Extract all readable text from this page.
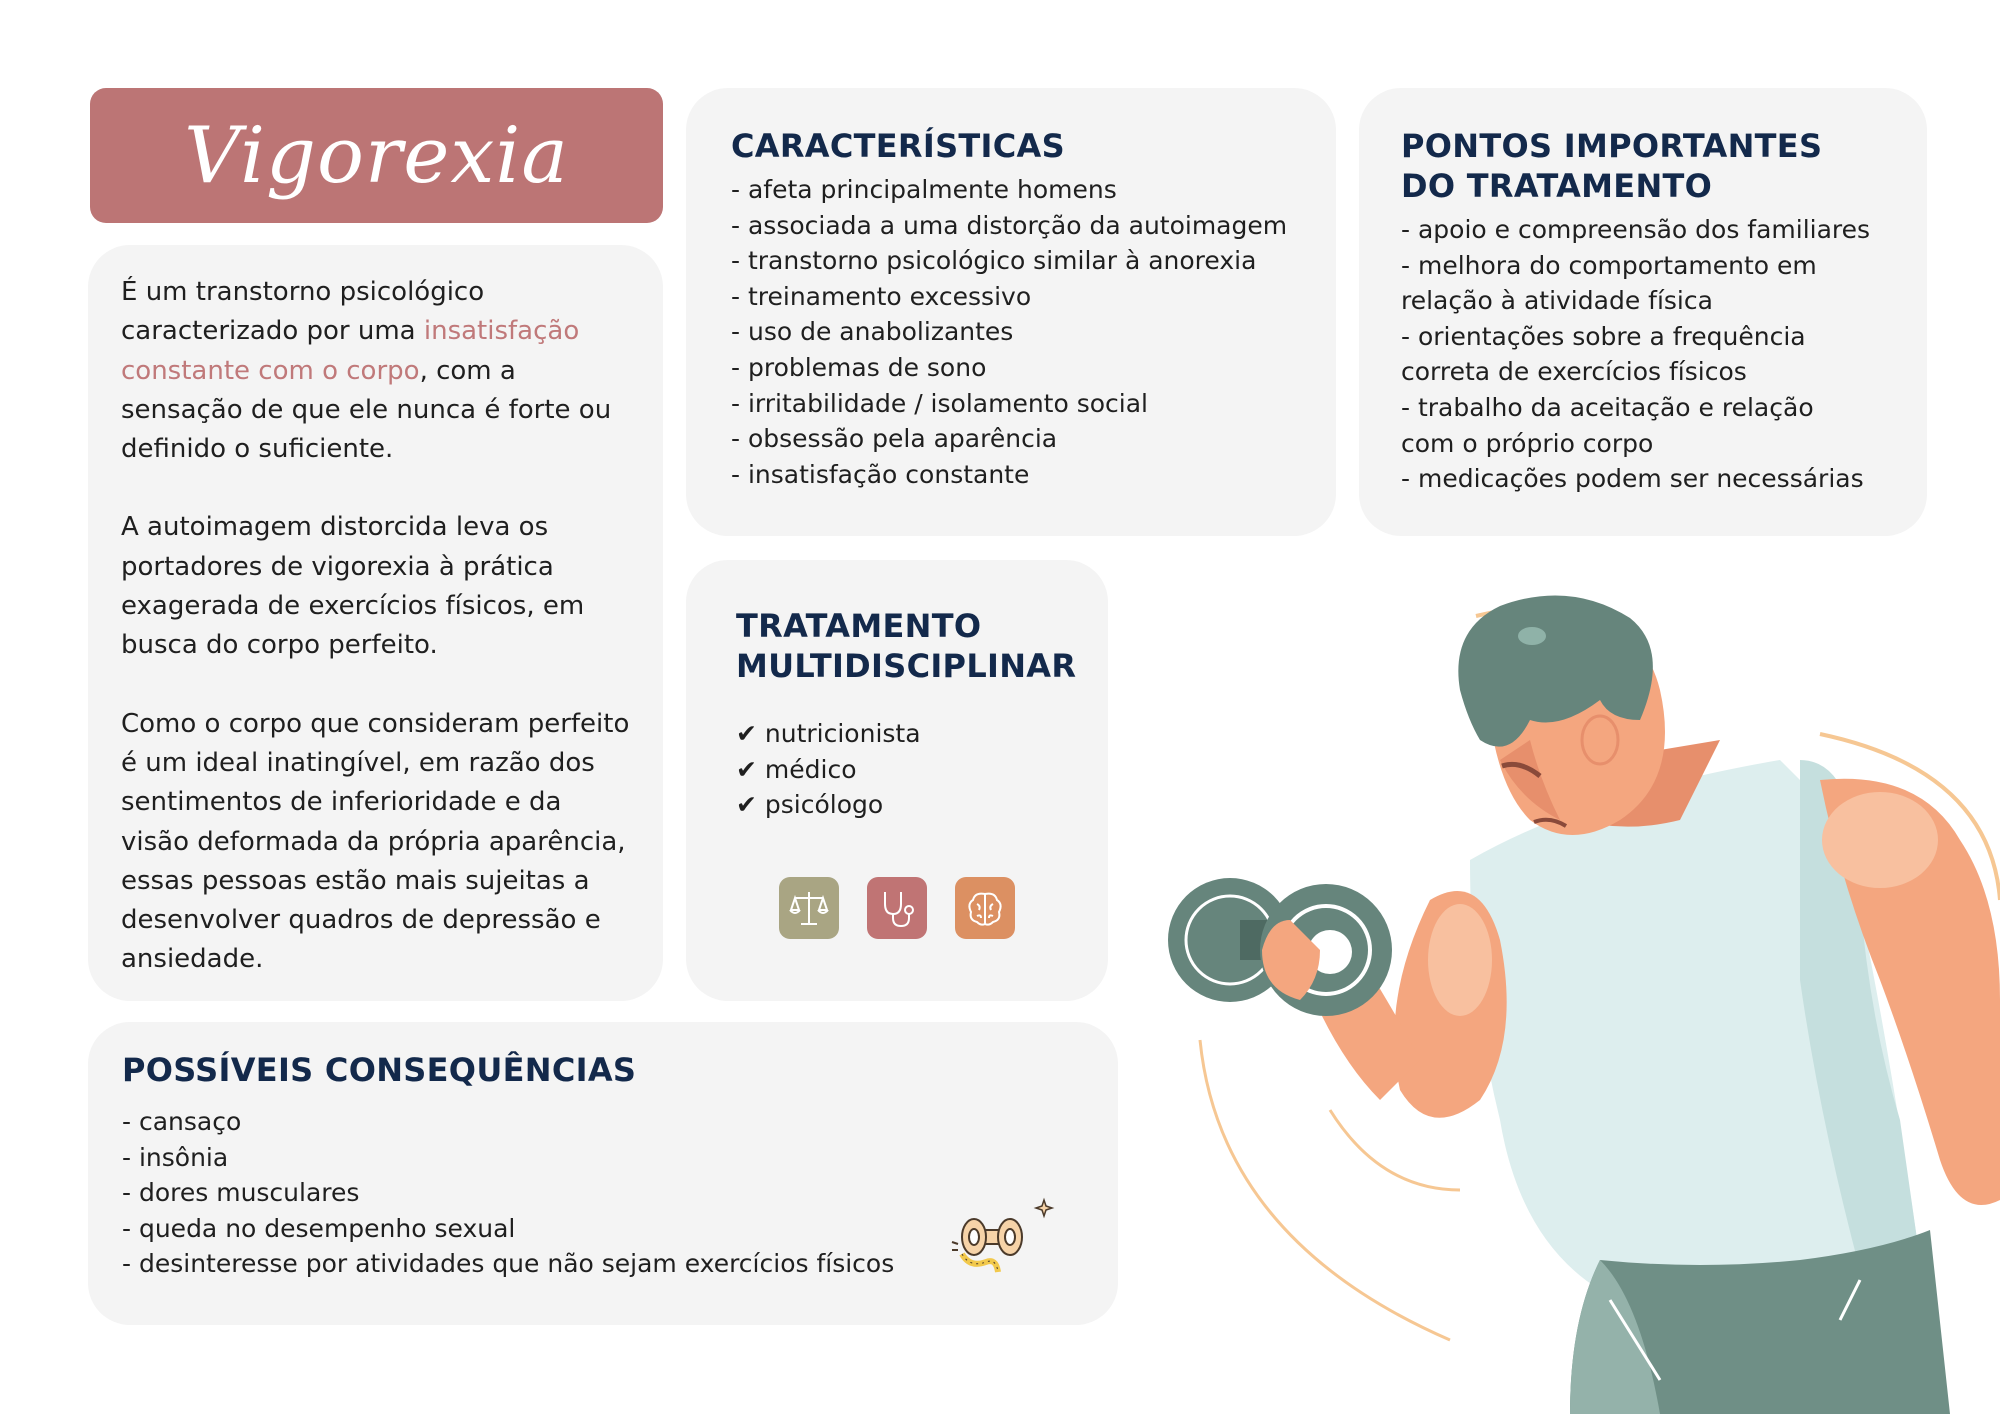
Vigorexia

É um transtorno psicológico caracterizado por uma insatisfação constante com o corpo, com a sensação de que ele nunca é forte ou definido o suficiente.

A autoimagem distorcida leva os portadores de vigorexia à prática exagerada de exercícios físicos, em busca do corpo perfeito.

Como o corpo que consideram perfeito é um ideal inatingível, em razão dos sentimentos de inferioridade e da visão deformada da própria aparência, essas pessoas estão mais sujeitas a desenvolver quadros de depressão e ansiedade.

CARACTERÍSTICAS
- afeta principalmente homens
- associada a uma distorção da autoimagem
- transtorno psicológico similar à anorexia
- treinamento excessivo
- uso de anabolizantes
- problemas de sono
- irritabilidade / isolamento social
- obsessão pela aparência
- insatisfação constante
PONTOS IMPORTANTES
DO TRATAMENTO
- apoio e compreensão dos familiares
- melhora do comportamento em
relação à atividade física
- orientações sobre a frequência
correta de exercícios físicos
- trabalho da aceitação e relação
com o próprio corpo
- medicações podem ser necessárias
TRATAMENTO
MULTIDISCIPLINAR
✔ nutricionista
✔ médico
✔ psicólogo
POSSÍVEIS CONSEQUÊNCIAS
- cansaço
- insônia
- dores musculares
- queda no desempenho sexual
- desinteresse por atividades que não sejam exercícios físicos
